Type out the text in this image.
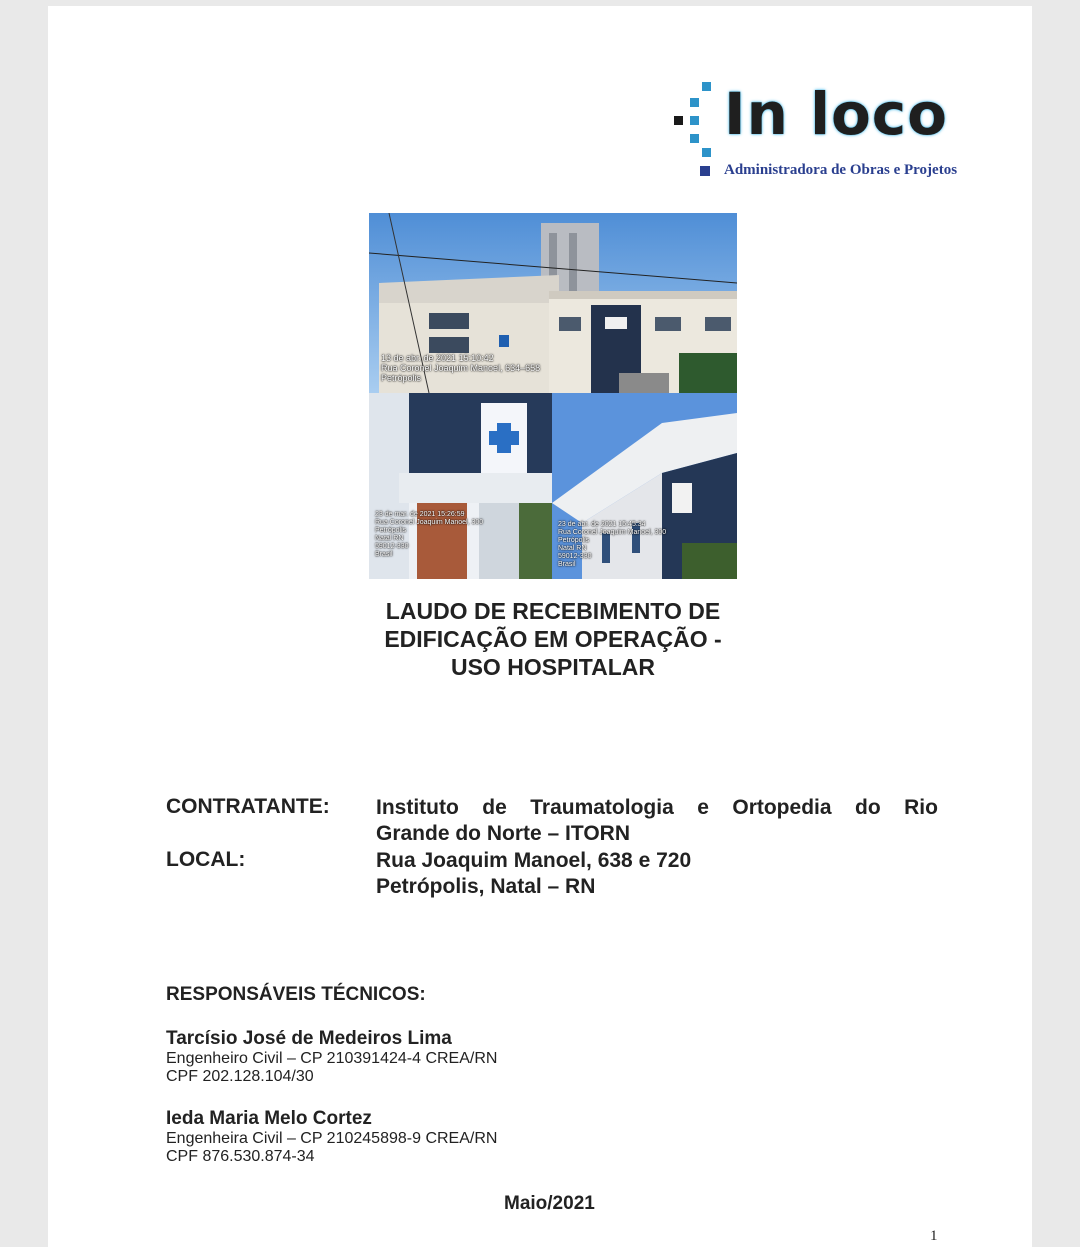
In loco
Administradora de Obras e Projetos
13 de abr. de 2021 15:10:42
Rua Coronel Joaquim Manoel, 634–658
Petrópolis
23 de mar. de 2021 15:26:59
Rua Coronel Joaquim Manoel, 300
Petrópolis
Natal RN
59012-330
Brasil
23 de abr. de 2021 15:45:34
Rua Coronel Joaquim Manoel, 300
Petrópolis
Natal RN
59012-330
Brasil
LAUDO DE RECEBIMENTO DE
EDIFICAÇÃO EM OPERAÇÃO -
USO HOSPITALAR
CONTRATANTE: Instituto de Traumatologia e Ortopedia do Rio
Grande do Norte – ITORN
LOCAL:	Rua Joaquim Manoel, 638 e 720
Petrópolis, Natal – RN
RESPONSÁVEIS TÉCNICOS:
Tarcísio José de Medeiros Lima
Engenheiro Civil – CP 210391424-4 CREA/RN
CPF 202.128.104/30
Ieda Maria Melo Cortez
Engenheira Civil – CP 210245898-9 CREA/RN
CPF 876.530.874-34
Maio/2021
1
